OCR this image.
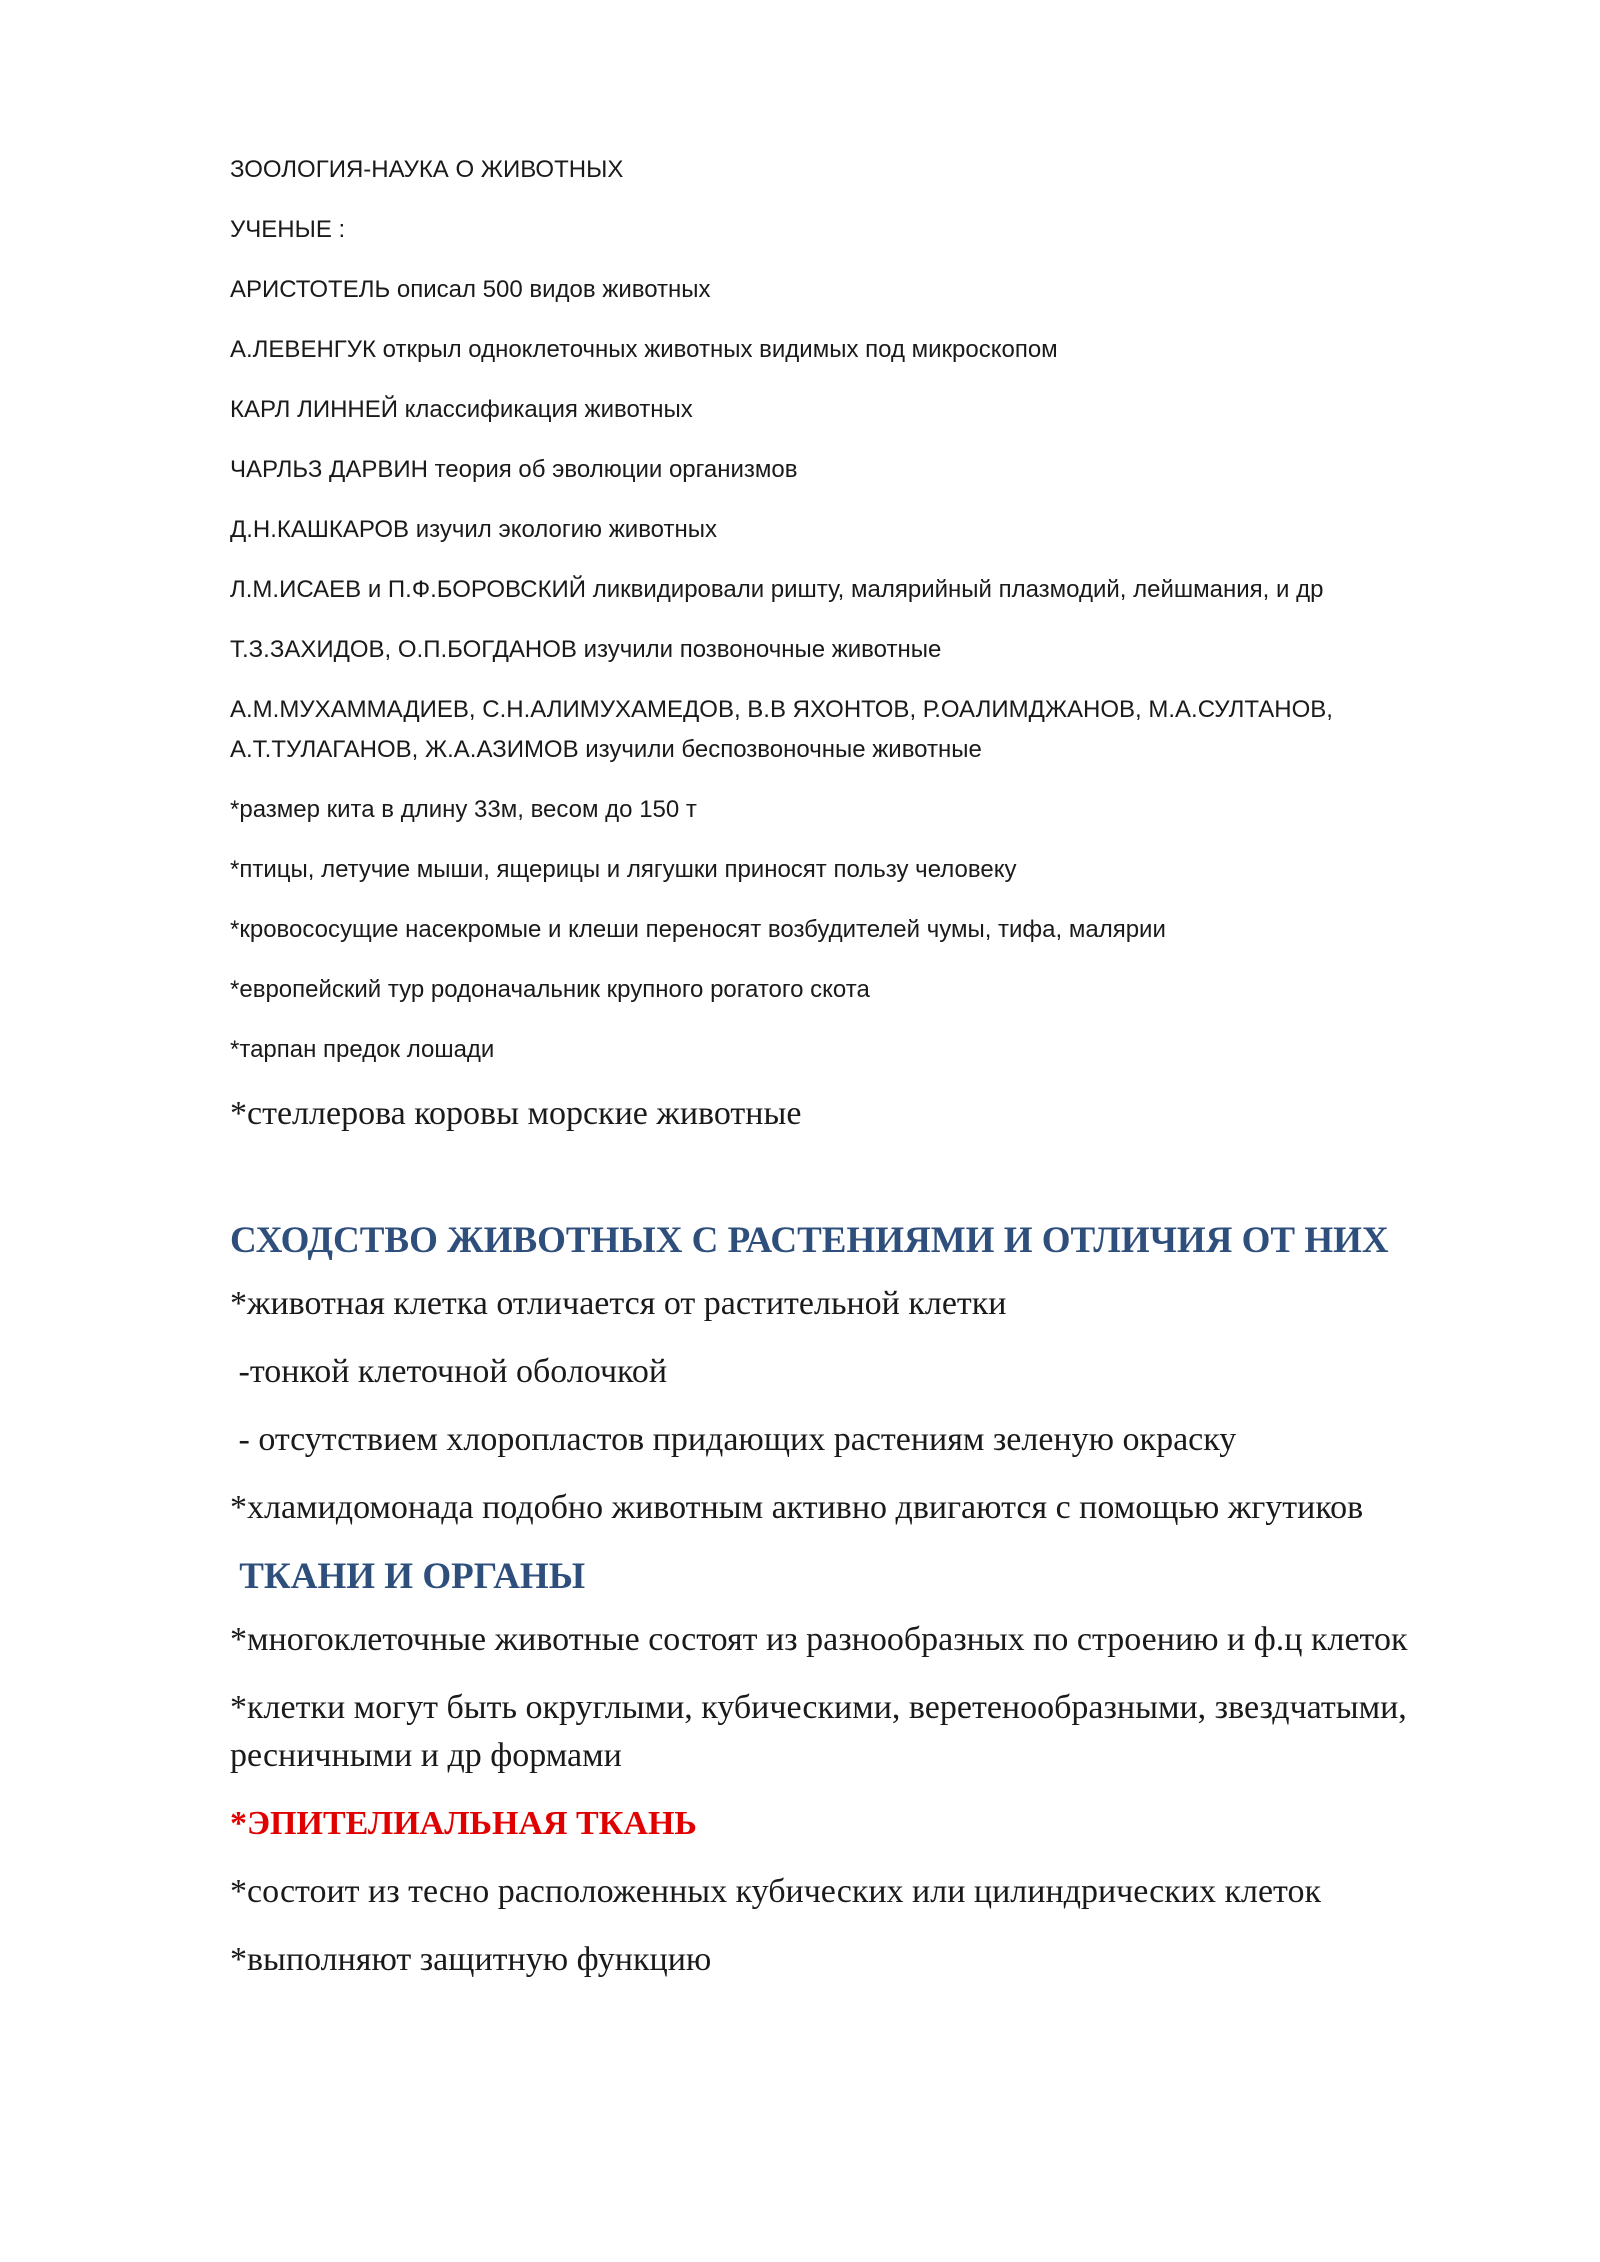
ЗООЛОГИЯ-НАУКА О ЖИВОТНЫХ

УЧЕНЫЕ :

АРИСТОТЕЛЬ описал 500 видов животных

А.ЛЕВЕНГУК открыл одноклеточных животных видимых под микроскопом

КАРЛ ЛИННЕЙ классификация животных

ЧАРЛЬЗ ДАРВИН теория об эволюции организмов

Д.Н.КАШКАРОВ изучил экологию животных

Л.М.ИСАЕВ и П.Ф.БОРОВСКИЙ ликвидировали ришту, малярийный плазмодий, лейшмания, и др

Т.З.ЗАХИДОВ, О.П.БОГДАНОВ изучили позвоночные животные

А.М.МУХАММАДИЕВ, С.Н.АЛИМУХАМЕДОВ, В.В ЯХОНТОВ, Р.ОАЛИМДЖАНОВ, М.А.СУЛТАНОВ, А.Т.ТУЛАГАНОВ, Ж.А.АЗИМОВ изучили беспозвоночные животные

*размер кита в длину 33м, весом до 150 т

*птицы, летучие мыши, ящерицы и лягушки приносят пользу человеку

*кровососущие насекромые и клеши переносят возбудителей чумы, тифа, малярии

*европейский тур родоначальник крупного рогатого скота

*тарпан предок лошади

*стеллерова коровы морские животные

СХОДСТВО ЖИВОТНЫХ С РАСТЕНИЯМИ И ОТЛИЧИЯ ОТ НИХ

*животная клетка отличается от растительной клетки

-тонкой клеточной оболочкой

- отсутствием хлоропластов придающих растениям зеленую окраску

*хламидомонада подобно животным активно двигаются с помощью жгутиков

ТКАНИ И ОРГАНЫ

*многоклеточные животные состоят из разнообразных по строению и ф.ц клеток

*клетки могут быть округлыми, кубическими, веретенообразными, звездчатыми, ресничными и др формами

*ЭПИТЕЛИАЛЬНАЯ ТКАНЬ

*состоит из тесно расположенных кубических или цилиндрических клеток

*выполняют защитную функцию
